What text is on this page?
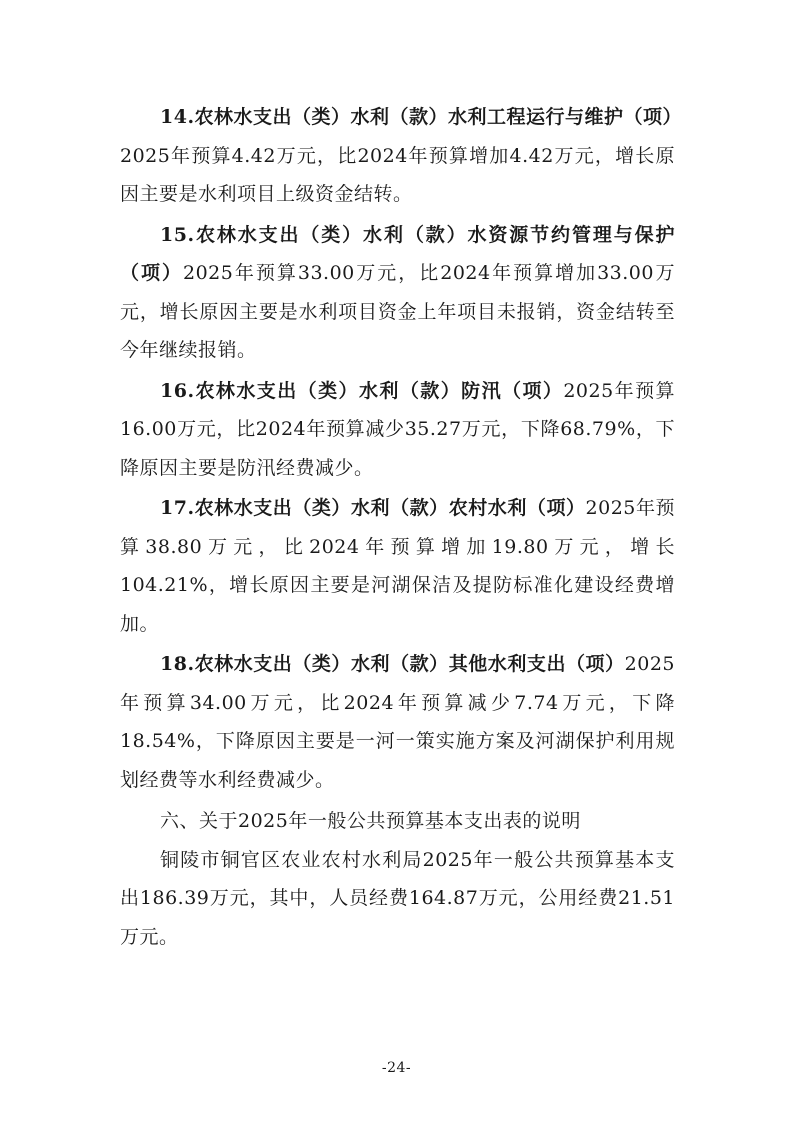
14.农林水支出（类）水利（款）水利工程运行与维护（项）2025年预算4.42万元，比2024年预算增加4.42万元，增长原因主要是水利项目上级资金结转。

15.农林水支出（类）水利（款）水资源节约管理与保护（项）2025年预算33.00万元，比2024年预算增加33.00万元，增长原因主要是水利项目资金上年项目未报销，资金结转至今年继续报销。

16.农林水支出（类）水利（款）防汛（项）2025年预算16.00万元，比2024年预算减少35.27万元，下降68.79%，下降原因主要是防汛经费减少。

17.农林水支出（类）水利（款）农村水利（项）2025年预算38.80万元，比2024年预算增加19.80万元，增长104.21%，增长原因主要是河湖保洁及提防标准化建设经费增加。

18.农林水支出（类）水利（款）其他水利支出（项）2025年预算34.00万元，比2024年预算减少7.74万元，下降18.54%，下降原因主要是一河一策实施方案及河湖保护利用规划经费等水利经费减少。

六、关于2025年一般公共预算基本支出表的说明

铜陵市铜官区农业农村水利局2025年一般公共预算基本支出186.39万元，其中，人员经费164.87万元，公用经费21.51万元。

-24-
